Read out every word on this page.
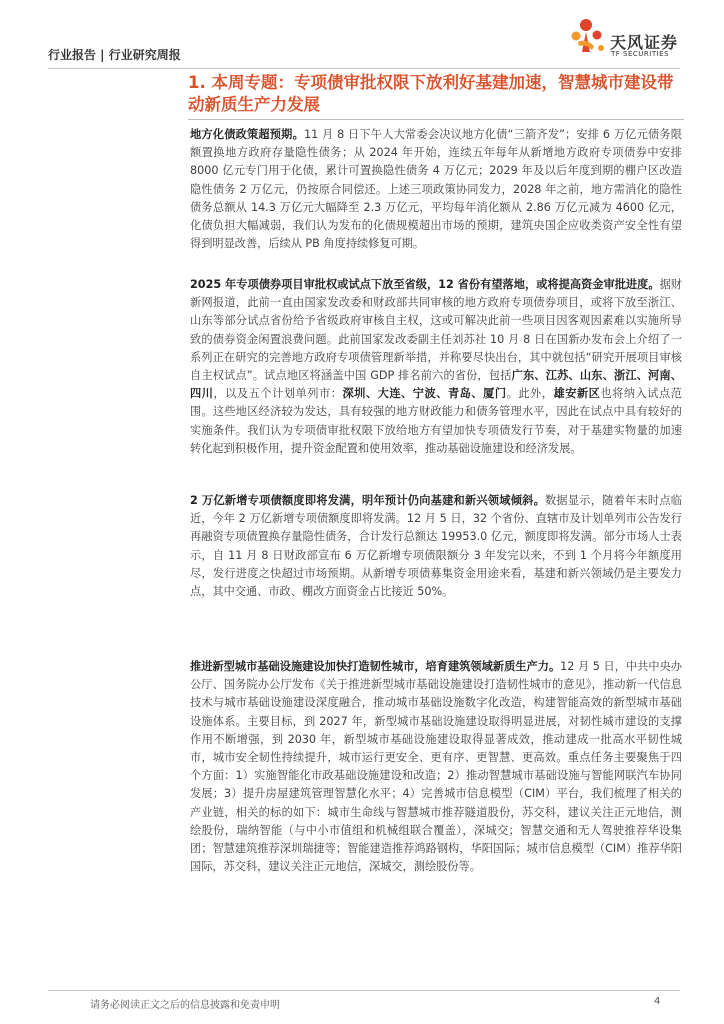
行业报告 | 行业研究周报
天风证券
TF SECURITIES
1. 本周专题：专项债审批权限下放利好基建加速，智慧城市建设带动新质生产力发展

地方化债政策超预期。11 月 8 日下午人大常委会决议地方化债“三箭齐发”；安排 6 万亿元债务限额置换地方政府存量隐性债务；从 2024 年开始，连续五年每年从新增地方政府专项债券中安排 8000 亿元专门用于化债，累计可置换隐性债务 4 万亿元；2029 年及以后年度到期的棚户区改造隐性债务 2 万亿元，仍按原合同偿还。上述三项政策协同发力，2028 年之前，地方需消化的隐性债务总额从 14.3 万亿元大幅降至 2.3 万亿元，平均每年消化额从 2.86 万亿元减为 4600 亿元，化债负担大幅减弱，我们认为发布的化债规模超出市场的预期，建筑央国企应收类资产安全性有望得到明显改善，后续从 PB 角度持续修复可期。

2025 年专项债券项目审批权或试点下放至省级，12 省份有望落地，或将提高资金审批进度。据财新网报道，此前一直由国家发改委和财政部共同审核的地方政府专项债券项目，或将下放至浙江、山东等部分试点省份给予省级政府审核自主权，这或可解决此前一些项目因客观因素难以实施所导致的债券资金闲置浪费问题。此前国家发改委副主任刘苏社 10 月 8 日在国新办发布会上介绍了一系列正在研究的完善地方政府专项债管理新举措，并称要尽快出台，其中就包括“研究开展项目审核自主权试点”。试点地区将涵盖中国 GDP 排名前六的省份，包括广东、江苏、山东、浙江、河南、四川，以及五个计划单列市：深圳、大连、宁波、青岛、厦门。此外，雄安新区也将纳入试点范围。这些地区经济较为发达，具有较强的地方财政能力和债务管理水平，因此在试点中具有较好的实施条件。我们认为专项债审批权限下放给地方有望加快专项债发行节奏，对于基建实物量的加速转化起到积极作用，提升资金配置和使用效率，推动基础设施建设和经济发展。

2 万亿新增专项债额度即将发满，明年预计仍向基建和新兴领域倾斜。数据显示，随着年末时点临近，今年 2 万亿新增专项债额度即将发满。12 月 5 日，32 个省份、直辖市及计划单列市公告发行再融资专项债置换存量隐性债务，合计发行总额达 19953.0 亿元，额度即将发满。部分市场人士表示，自 11 月 8 日财政部宣布 6 万亿新增专项债限额分 3 年发完以来，不到 1 个月将今年额度用尽，发行进度之快超过市场预期。从新增专项债募集资金用途来看，基建和新兴领域仍是主要发力点，其中交通、市政、棚改方面资金占比接近 50%。

推进新型城市基础设施建设加快打造韧性城市，培育建筑领域新质生产力。12 月 5 日，中共中央办公厅、国务院办公厅发布《关于推进新型城市基础设施建设打造韧性城市的意见》，推动新一代信息技术与城市基础设施建设深度融合，推动城市基础设施数字化改造，构建智能高效的新型城市基础设施体系。主要目标，到 2027 年，新型城市基础设施建设取得明显进展，对韧性城市建设的支撑作用不断增强，到 2030 年，新型城市基础设施建设取得显著成效，推动建成一批高水平韧性城市，城市安全韧性持续提升，城市运行更安全、更有序、更智慧、更高效。重点任务主要聚焦于四个方面：1）实施智能化市政基础设施建设和改造；2）推动智慧城市基础设施与智能网联汽车协同发展；3）提升房屋建筑管理智慧化水平；4）完善城市信息模型（CIM）平台，我们梳理了相关的产业链，相关的标的如下：城市生命线与智慧城市推荐隧道股份，苏交科，建议关注正元地信，测绘股份，瑞纳智能（与中小市值组和机械组联合覆盖），深城交；智慧交通和无人驾驶推荐华设集团；智慧建筑推荐深圳瑞捷等；智能建造推荐鸿路钢构，华阳国际；城市信息模型（CIM）推荐华阳国际，苏交科，建议关注正元地信，深城交，测绘股份等。

请务必阅读正文之后的信息披露和免责申明	4
